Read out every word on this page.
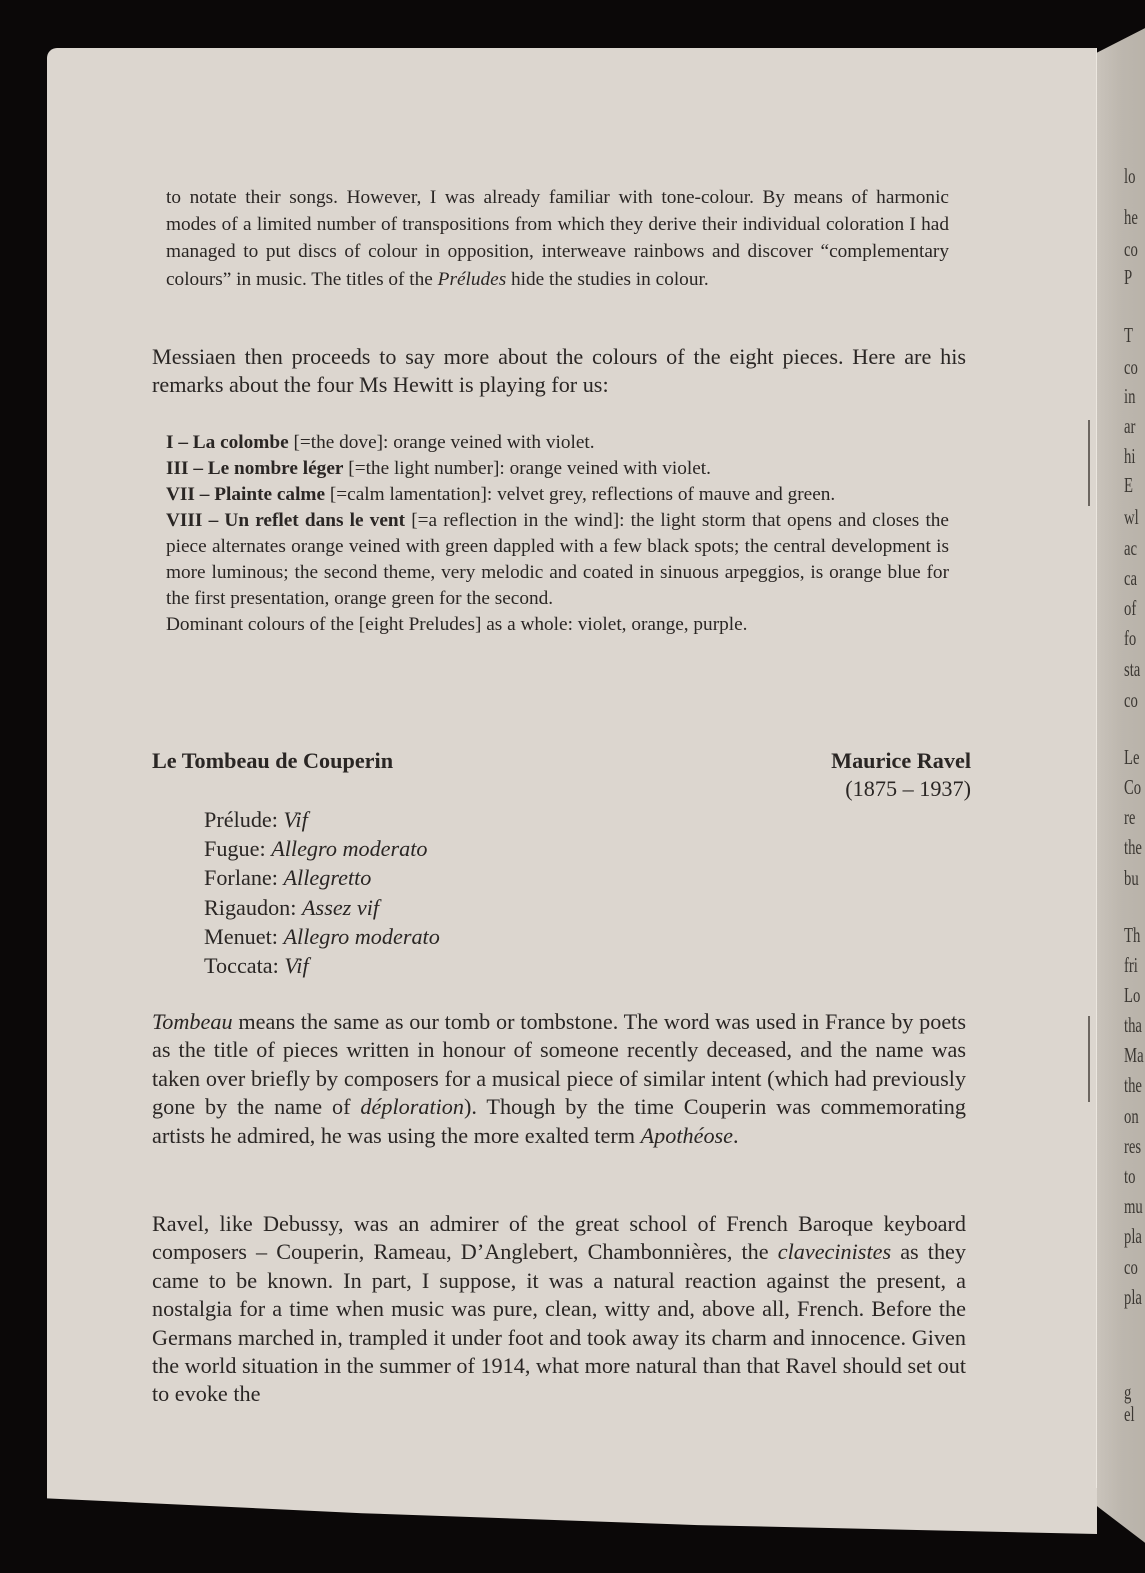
lo
he
co
P
T
co
in
ar
hi
E
wl
ac
ca
of
fo
sta
co
Le
Co
re
the
bu
Th
fri
Lo
tha
Ma
the
on
res
to
mu
pla
co
pla
g
el
to notate their songs. However, I was already familiar with tone-colour. By means of harmonic modes of a limited number of transpositions from which they derive their individual coloration I had managed to put discs of colour in opposition, interweave rainbows and discover “complementary colours” in music. The titles of the Préludes hide the studies in colour.
Messiaen then proceeds to say more about the colours of the eight pieces. Here are his remarks about the four Ms Hewitt is playing for us:

I – La colombe [=the dove]: orange veined with violet.

III – Le nombre léger [=the light number]: orange veined with violet.

VII – Plainte calme [=calm lamentation]: velvet grey, reflections of mauve and green.

VIII – Un reflet dans le vent [=a reflection in the wind]: the light storm that opens and closes the piece alternates orange veined with green dappled with a few black spots; the central development is more luminous; the second theme, very melodic and coated in sinuous arpeggios, is orange blue for the first presentation, orange green for the second.

Dominant colours of the [eight Preludes] as a whole: violet, orange, purple.

Le Tombeau de Couperin	Maurice Ravel
(1875 – 1937)
Prélude: Vif
Fugue: Allegro moderato
Forlane: Allegretto
Rigaudon: Assez vif
Menuet: Allegro moderato
Toccata: Vif
Tombeau means the same as our tomb or tombstone. The word was used in France by poets as the title of pieces written in honour of someone recently deceased, and the name was taken over briefly by composers for a musical piece of similar intent (which had previously gone by the name of déploration). Though by the time Couperin was commemorating artists he admired, he was using the more exalted term Apothéose.
Ravel, like Debussy, was an admirer of the great school of French Baroque keyboard composers – Couperin, Rameau, D’Anglebert, Chambonnières, the clavecinistes as they came to be known. In part, I suppose, it was a natural reaction against the present, a nostalgia for a time when music was pure, clean, witty and, above all, French. Before the Germans marched in, trampled it under foot and took away its charm and innocence. Given the world situation in the summer of 1914, what more natural than that Ravel should set out to evoke the
